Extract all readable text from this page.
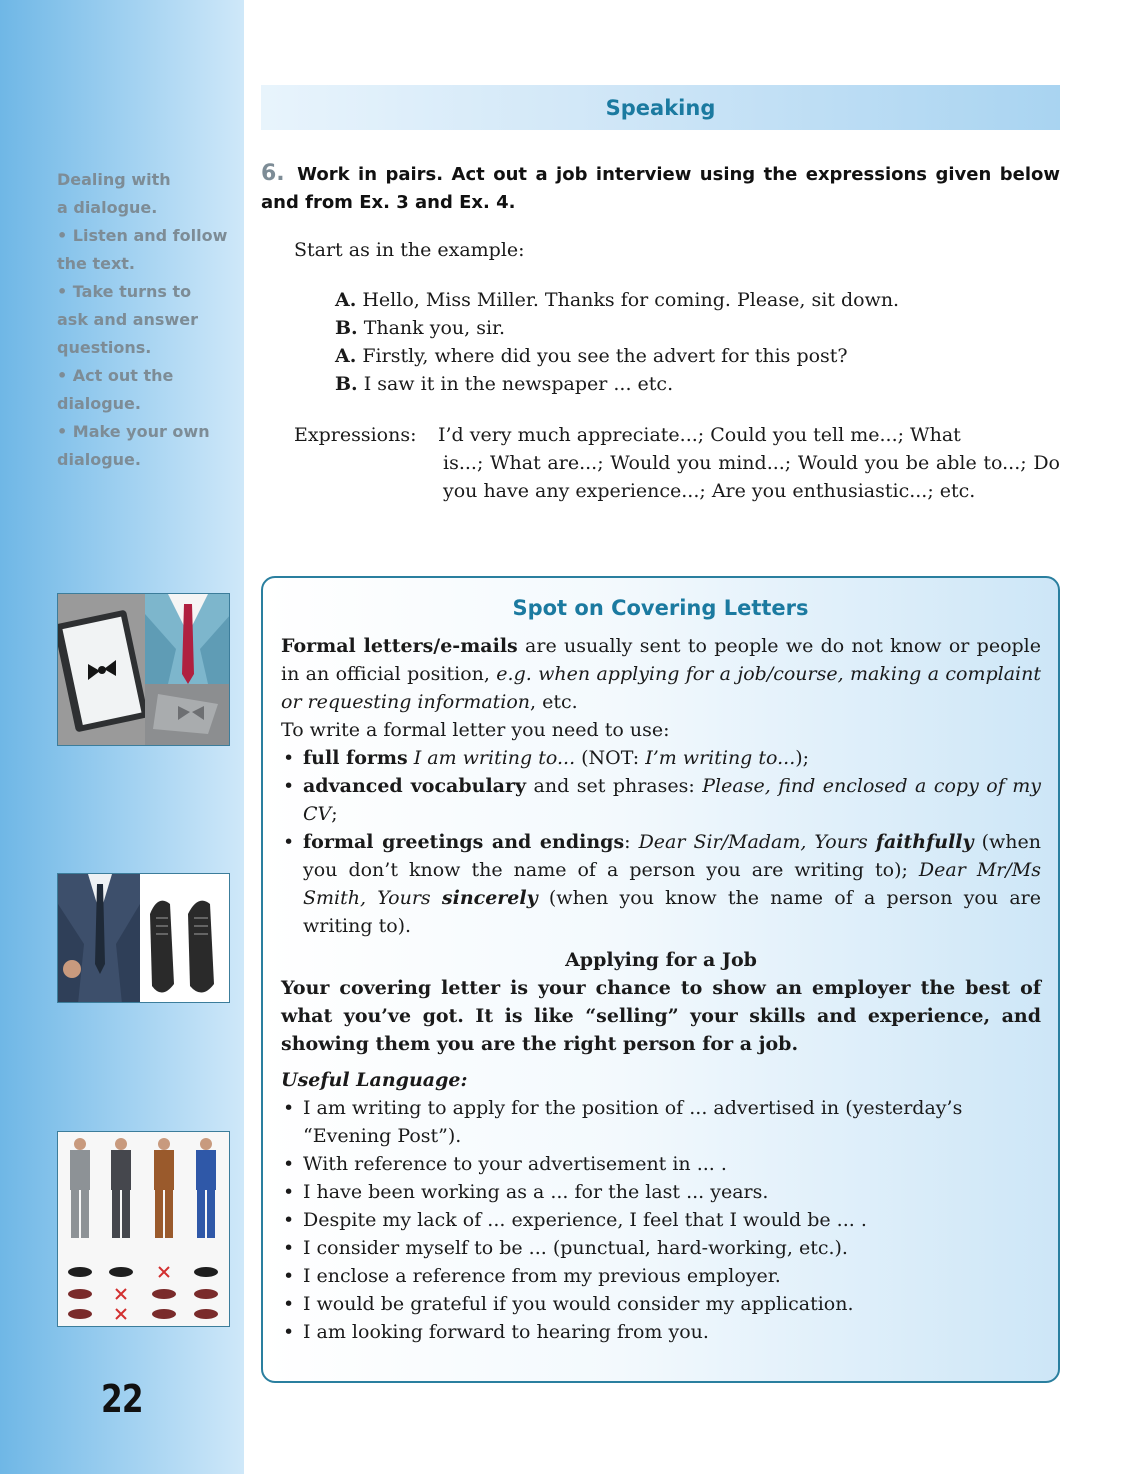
Dealing with
a dialogue.
• Listen and follow
the text.
• Take turns to
ask and answer
questions.
• Act out the
dialogue.
• Make your own
dialogue.
22
Speaking
6. Work in pairs. Act out a job interview using the expressions given below and from Ex. 3 and Ex. 4.
Start as in the example:
A. Hello, Miss Miller. Thanks for coming. Please, sit down.
B. Thank you, sir.
A. Firstly, where did you see the advert for this post?
B. I saw it in the newspaper ... etc.
Expressions:	I’d very much appreciate...; Could you tell me...; What
is...; What are...; Would you mind...; Would you be able to...; Do you have any experience...; Are you enthusiastic...; etc.
Spot on Covering Letters

Formal letters/e-mails are usually sent to people we do not know or people in an official position, e.g. when applying for a job/course, making a complaint or requesting information, etc.

To write a formal letter you need to use:

• full forms I am writing to... (NOT: I’m writing to...);
• advanced vocabulary and set phrases: Please, find enclosed a copy of my CV;
• formal greetings and endings: Dear Sir/Madam, Yours faithfully (when you don’t know the name of a person you are writing to); Dear Mr/Ms Smith, Yours sincerely (when you know the name of a person you are writing to).

Applying for a Job

Your covering letter is your chance to show an employer the best of what you’ve got. It is like “selling” your skills and experience, and showing them you are the right person for a job.

Useful Language:

• I am writing to apply for the position of ... advertised in (yesterday’s “Evening Post”).
• With reference to your advertisement in ... .
• I have been working as a ... for the last ... years.
• Despite my lack of ... experience, I feel that I would be ... .
• I consider myself to be ... (punctual, hard-working, etc.).
• I enclose a reference from my previous employer.
• I would be grateful if you would consider my application.
• I am looking forward to hearing from you.
